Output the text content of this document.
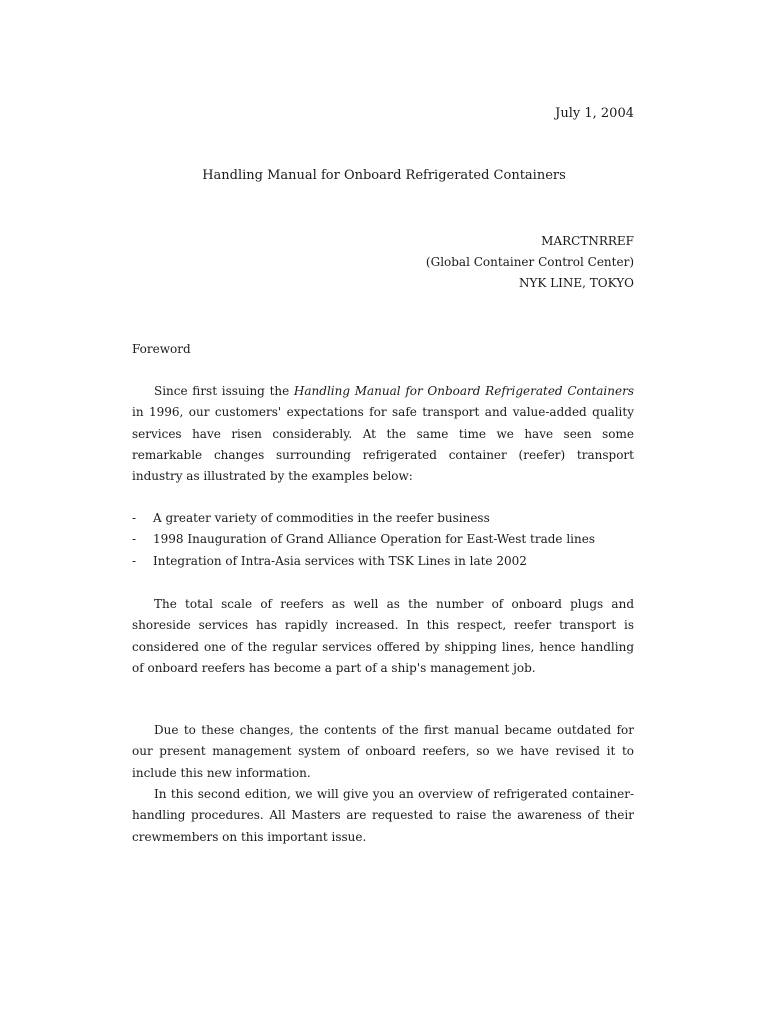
July 1, 2004
Handling Manual for Onboard Refrigerated Containers
MARCTNRREF
(Global Container Control Center)
NYK LINE, TOKYO
Foreword

Since first issuing the Handling Manual for Onboard Refrigerated Containers in 1996, our customers' expectations for safe transport and value-added quality services have risen considerably. At the same time we have seen some remarkable changes surrounding refrigerated container (reefer) transport industry as illustrated by the examples below:

- A greater variety of commodities in the reefer business
- 1998 Inauguration of Grand Alliance Operation for East-West trade lines
- Integration of Intra-Asia services with TSK Lines in late 2002

The total scale of reefers as well as the number of onboard plugs and shoreside services has rapidly increased. In this respect, reefer transport is considered one of the regular services offered by shipping lines, hence handling of onboard reefers has become a part of a ship's management job.

Due to these changes, the contents of the first manual became outdated for our present management system of onboard reefers, so we have revised it to include this new information.

In this second edition, we will give you an overview of refrigerated container-handling procedures. All Masters are requested to raise the awareness of their crewmembers on this important issue.
